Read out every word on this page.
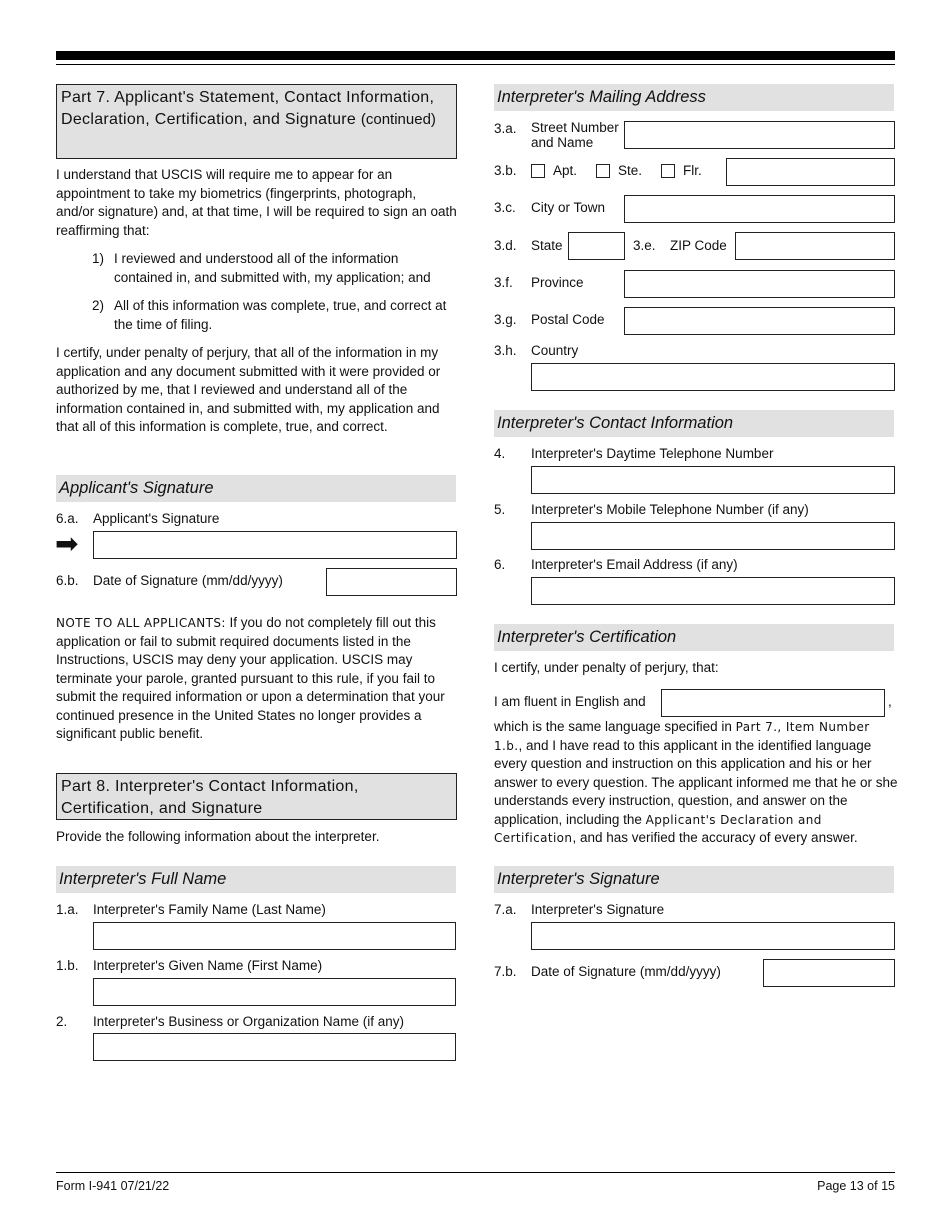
Part 7. Applicant's Statement, Contact Information, Declaration, Certification, and Signature (continued)

I understand that USCIS will require me to appear for an appointment to take my biometrics (fingerprints, photograph, and/or signature) and, at that time, I will be required to sign an oath reaffirming that:

1) I reviewed and understood all of the information contained in, and submitted with, my application; and
2) All of this information was complete, true, and correct at the time of filing.

I certify, under penalty of perjury, that all of the information in my application and any document submitted with it were provided or authorized by me, that I reviewed and understand all of the information contained in, and submitted with, my application and that all of this information is complete, true, and correct.

Applicant's Signature
6.a. Applicant's Signature
➡
6.b. Date of Signature (mm/dd/yyyy)

NOTE TO ALL APPLICANTS: If you do not completely fill out this application or fail to submit required documents listed in the Instructions, USCIS may deny your application. USCIS may terminate your parole, granted pursuant to this rule, if you fail to submit the required information or upon a determination that your continued presence in the United States no longer provides a significant public benefit.

Part 8. Interpreter's Contact Information, Certification, and Signature

Provide the following information about the interpreter.

Interpreter's Full Name
1.a. Interpreter's Family Name (Last Name)
1.b. Interpreter's Given Name (First Name)
2. Interpreter's Business or Organization Name (if any)
Interpreter's Mailing Address
3.a. Street Number
and Name
3.b.	Apt.	Ste.	Flr.
3.c. City or Town
3.d. State	3.e. ZIP Code
3.f. Province
3.g. Postal Code
3.h. Country
Interpreter's Contact Information
4. Interpreter's Daytime Telephone Number
5. Interpreter's Mobile Telephone Number (if any)
6. Interpreter's Email Address (if any)
Interpreter's Certification

I certify, under penalty of perjury, that:

I am fluent in English and	,

which is the same language specified in Part 7., Item Number 1.b., and I have read to this applicant in the identified language every question and instruction on this application and his or her answer to every question. The applicant informed me that he or she understands every instruction, question, and answer on the application, including the Applicant's Declaration and Certification, and has verified the accuracy of every answer.

Interpreter's Signature
7.a. Interpreter's Signature
7.b. Date of Signature (mm/dd/yyyy)
Form I-941 07/21/22	Page 13 of 15
